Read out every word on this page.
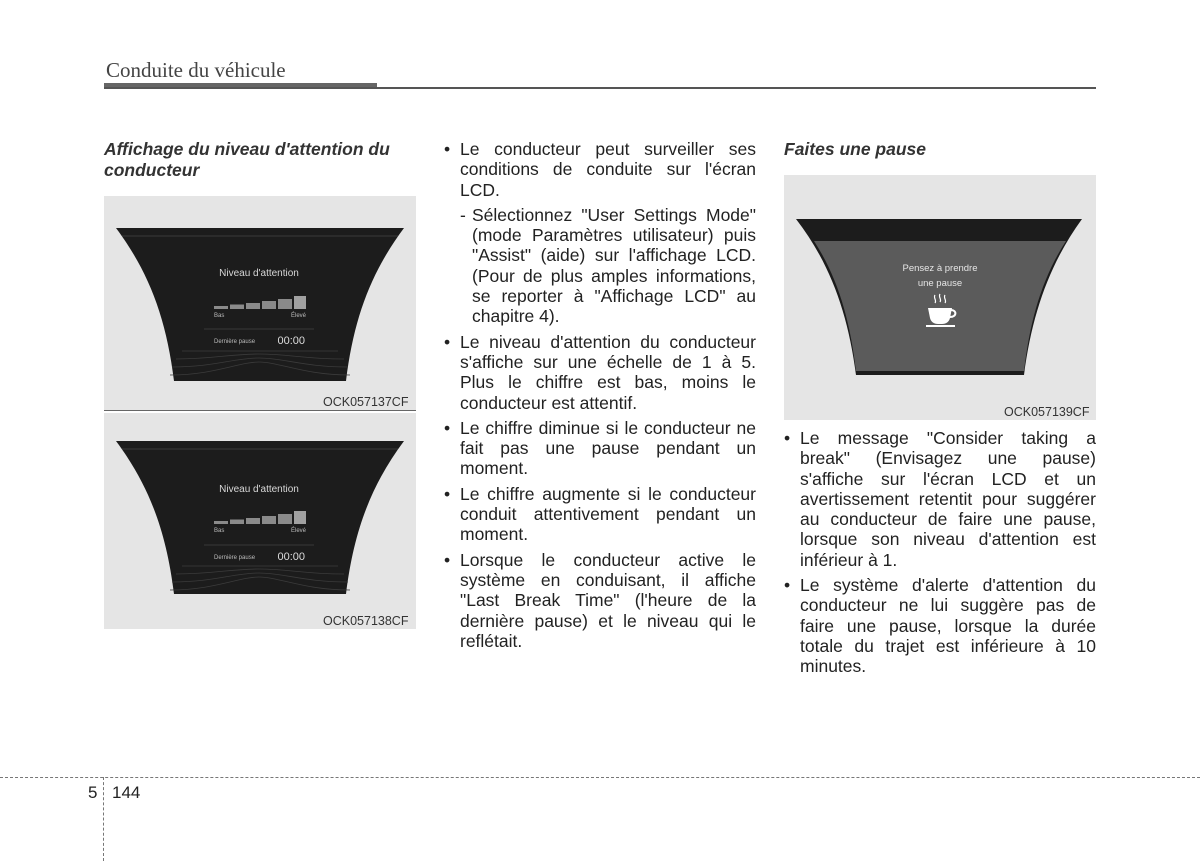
Conduite du véhicule
Affichage du niveau d'attention du conducteur
Niveau d'attention
Bas	Élevé
Dernière pause 00:00
OCK057137CF
Niveau d'attention
Bas	Élevé
Dernière pause 00:00
OCK057138CF
• Le conducteur peut surveiller ses conditions de conduite sur l'écran LCD.
- Sélectionnez "User Settings Mode" (mode Paramètres utilisateur) puis "Assist" (aide) sur l'affichage LCD. (Pour de plus amples informations, se reporter à "Affichage LCD" au chapitre 4).
• Le niveau d'attention du conducteur s'affiche sur une échelle de 1 à 5. Plus le chiffre est bas, moins le conducteur est attentif.
• Le chiffre diminue si le conducteur ne fait pas une pause pendant un moment.
• Le chiffre augmente si le conducteur conduit attentivement pendant un moment.
• Lorsque le conducteur active le système en conduisant, il affiche "Last Break Time" (l'heure de la dernière pause) et le niveau qui le reflétait.
Faites une pause
Pensez à prendre
une pause
OCK057139CF
• Le message "Consider taking a break" (Envisagez une pause) s'affiche sur l'écran LCD et un avertissement retentit pour suggérer au conducteur de faire une pause, lorsque son niveau d'attention est inférieur à 1.
• Le système d'alerte d'attention du conducteur ne lui suggère pas de faire une pause, lorsque la durée totale du trajet est inférieure à 10 minutes.
5 144
